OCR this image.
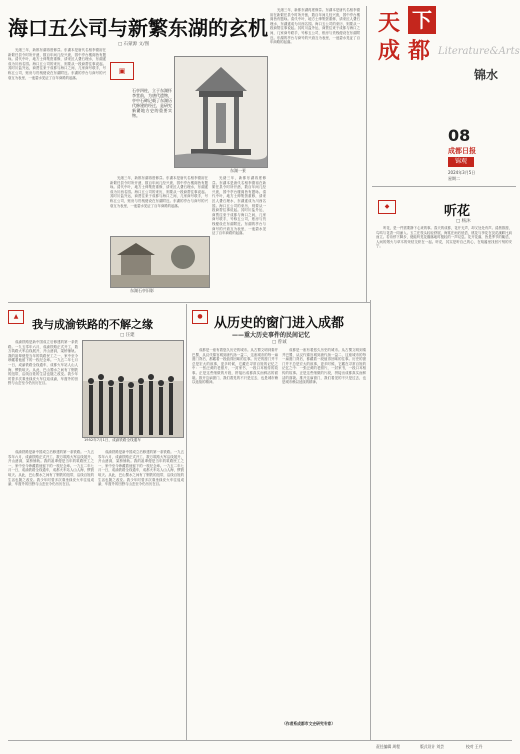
海口五公司与新繁东湖的玄机
□ 石蒙源 文/图

光绪三年，新都东湖再度修葺。东湖本是唐代名相李德裕在新繁任县令时所开凿，数百年间几经兴废，园中亭台楼阁皆有题咏。清代中叶，地方士绅集资重修，请来匠人叠石理水，东湖遂成为川西名园。海口五公司的来历，则要从一段商帮往事说起。其时川盐外运，商贾往来于成都与海口之间，几家商号联手，号称五公司，账房与货栈便设在东湖附近。东湖的亭台与商号的兴衰互为表里，一池碧水见证了百年商路的起落。

▣
石亭四柱，立于东湖怀李堂前，为唐代遗物，亭中石碑记载了东湖历代修建的经过，是研究新繁地方史的重要实物。
东湖一景

光绪三年，新都东湖再度修葺。东湖本是唐代名相李德裕在新繁任县令时所开凿，数百年间几经兴废，园中亭台楼阁皆有题咏。清代中叶，地方士绅集资重修，请来匠人叠石理水，东湖遂成为川西名园。海口五公司的来历，则要从一段商帮往事说起。其时川盐外运，商贾往来于成都与海口之间，几家商号联手，号称五公司，账房与货栈便设在东湖附近。东湖的亭台与商号的兴衰互为表里，一池碧水见证了百年商路的起落。

光绪三年，新都东湖再度修葺。东湖本是唐代名相李德裕在新繁任县令时所开凿，数百年间几经兴废，园中亭台楼阁皆有题咏。清代中叶，地方士绅集资重修，请来匠人叠石理水，东湖遂成为川西名园。海口五公司的来历，则要从一段商帮往事说起。其时川盐外运，商贾往来于成都与海口之间，几家商号联手，号称五公司，账房与货栈便设在东湖附近。东湖的亭台与商号的兴衰互为表里，一池碧水见证了百年商路的起落。

东湖石亭旧影

光绪三年，新都东湖再度修葺。东湖本是唐代名相李德裕在新繁任县令时所开凿，数百年间几经兴废，园中亭台楼阁皆有题咏。清代中叶，地方士绅集资重修，请来匠人叠石理水，东湖遂成为川西名园。海口五公司的来历，则要从一段商帮往事说起。其时川盐外运，商贾往来于成都与海口之间，几家商号联手，号称五公司，账房与货栈便设在东湖附近。东湖的亭台与商号的兴衰互为表里，一池碧水见证了百年商路的起落。

天 下
成 都 Literature&Arts
锦水
08
成都日报
锦观
2024年3月5日
星期二
◆	听花
□ 杨沐

听花，是一件需要静下心来的事。春天的成都，花开无声，却又处处有声。清晨推窗，鸟鸣与花香一同涌入。玉兰在枝头轻轻舒展，海棠在雨后低语，桃花与李花在浣花溪畔比肩而立。若肯停下脚步，便能听见花瓣落地时极轻的一声叹息。花开花落，皆是季节的絮语，人间的烟火与草木的荣枯交织在一起。听花，其实是听自己的心，在喧嚣里找回片刻的安宁。

▲
我与成渝铁路的不解之缘
□ 汪建

成渝铁路是新中国成立后修建的第一条铁路。一九五零年六月，成渝铁路正式开工，数万筑路大军沿线展开，开山凿洞，架桥铺轨。我的祖辈便是当年的筑路民工之一，家中至今珍藏着他留下的一枚纪念章。一九五二年七月一日，成渝铁路全线通车，成都火车站人山人海，锣鼓喧天。从此，巴山蜀水之间有了钢铁的纽带，沿线百姓的生活也随之改变。我少年时曾多次乘坐绿皮火车往返成渝，车窗外的田野与山峦至今仍历历在目。

1952年7月1日，成渝铁路全线通车

成渝铁路是新中国成立后修建的第一条铁路。一九五零年六月，成渝铁路正式开工，数万筑路大军沿线展开，开山凿洞，架桥铺轨。我的祖辈便是当年的筑路民工之一，家中至今珍藏着他留下的一枚纪念章。一九五二年七月一日，成渝铁路全线通车，成都火车站人山人海，锣鼓喧天。从此，巴山蜀水之间有了钢铁的纽带，沿线百姓的生活也随之改变。我少年时曾多次乘坐绿皮火车往返成渝，车窗外的田野与山峦至今仍历历在目。

成渝铁路是新中国成立后修建的第一条铁路。一九五零年六月，成渝铁路正式开工，数万筑路大军沿线展开，开山凿洞，架桥铺轨。我的祖辈便是当年的筑路民工之一，家中至今珍藏着他留下的一枚纪念章。一九五二年七月一日，成渝铁路全线通车，成都火车站人山人海，锣鼓喧天。从此，巴山蜀水之间有了钢铁的纽带，沿线百姓的生活也随之改变。我少年时曾多次乘坐绿皮火车往返成渝，车窗外的田野与山峦至今仍历历在目。

● 从历史的窗门进入成都
——重大历史事件的民间记忆
□ 曾诚

成都是一座有着悠久历史的城市。从古蜀文明到秦并巴蜀，从汉代锦官城到唐代扬一益二，这座城市的每一扇窗门背后，都藏着一段值得回味的往事。历史的窗门并不总是宏大的叙事，更多时候，它藏在寻常百姓的记忆之中：一张泛黄的老照片，一封家书，一段口耳相传的故事。正是这些细微的片段，拼接出成都真实而鲜活的面貌。推开这扇窗门，我们看见的不只是过去，也是城市赖以延续的精神。

成都是一座有着悠久历史的城市。从古蜀文明到秦并巴蜀，从汉代锦官城到唐代扬一益二，这座城市的每一扇窗门背后，都藏着一段值得回味的往事。历史的窗门并不总是宏大的叙事，更多时候，它藏在寻常百姓的记忆之中：一张泛黄的老照片，一封家书，一段口耳相传的故事。正是这些细微的片段，拼接出成都真实而鲜活的面貌。推开这扇窗门，我们看见的不只是过去，也是城市赖以延续的精神。

（作者系成都市文史研究专家）
责任编辑 周程	版式设计 刘芸	校对 王丹
